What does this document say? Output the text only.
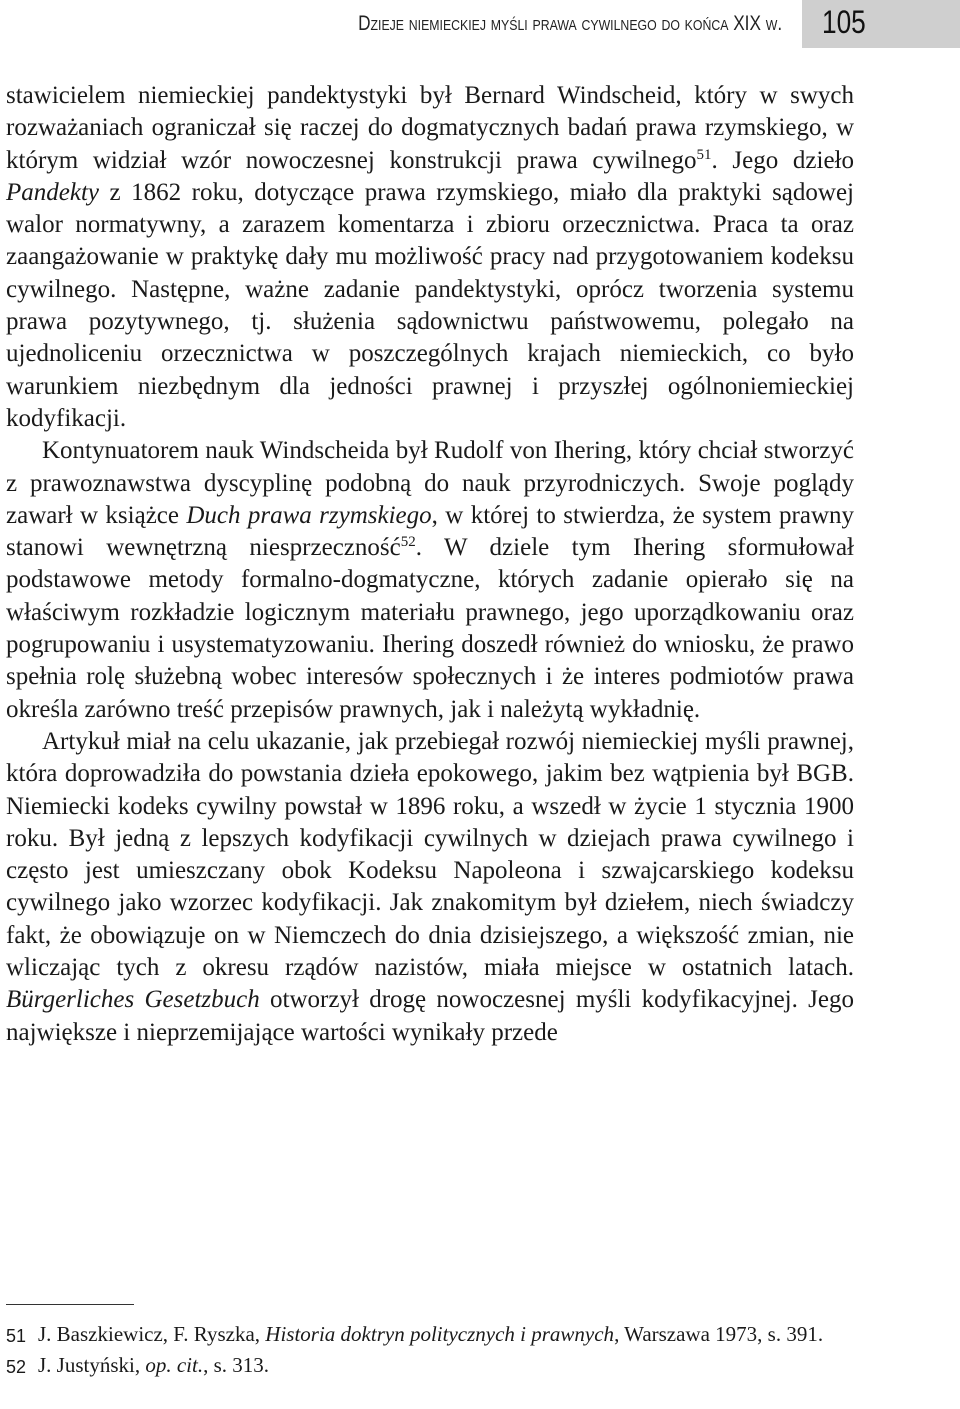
Dzieje niemieckiej myśli prawa cywilnego do końca XIX w. 105

stawicielem niemieckiej pandektystyki był Bernard Windscheid, który w swych rozważaniach ograniczał się raczej do dogmatycznych badań prawa rzymskiego, w którym widział wzór nowoczesnej konstrukcji prawa cywilnego$^{51}$. Jego dzieło Pandekty z 1862 roku, dotyczące prawa rzymskiego, miało dla praktyki sądowej walor normatywny, a zarazem komentarza i zbioru orzecznictwa. Praca ta oraz zaangażowanie w praktykę dały mu możliwość pracy nad przygotowaniem kodeksu cywilnego. Następne, ważne zadanie pandektystyki, oprócz tworzenia systemu prawa pozytywnego, tj. służenia sądownictwu państwowemu, polegało na ujednoliceniu orzecznictwa w poszczególnych krajach niemieckich, co było warunkiem niezbędnym dla jedności prawnej i przyszłej ogólnoniemieckiej kodyfikacji.

Kontynuatorem nauk Windscheida był Rudolf von Ihering, który chciał stworzyć z prawoznawstwa dyscyplinę podobną do nauk przyrodniczych. Swoje poglądy zawarł w książce Duch prawa rzymskiego, w której to stwierdza, że system prawny stanowi wewnętrzną niesprzeczność$^{52}$. W dziele tym Ihering sformułował podstawowe metody formalno-dogmatyczne, których zadanie opierało się na właściwym rozkładzie logicznym materiału prawnego, jego uporządkowaniu oraz pogrupowaniu i usystematyzowaniu. Ihering doszedł również do wniosku, że prawo spełnia rolę służebną wobec interesów społecznych i że interes podmiotów prawa określa zarówno treść przepisów prawnych, jak i należytą wykładnię.

Artykuł miał na celu ukazanie, jak przebiegał rozwój niemieckiej myśli prawnej, która doprowadziła do powstania dzieła epokowego, jakim bez wątpienia był BGB. Niemiecki kodeks cywilny powstał w 1896 roku, a wszedł w życie 1 stycznia 1900 roku. Był jedną z lepszych kodyfikacji cywilnych w dziejach prawa cywilnego i często jest umieszczany obok Kodeksu Napoleona i szwajcarskiego kodeksu cywilnego jako wzorzec kodyfikacji. Jak znakomitym był dziełem, niech świadczy fakt, że obowiązuje on w Niemczech do dnia dzisiejszego, a większość zmian, nie wliczając tych z okresu rządów nazistów, miała miejsce w ostatnich latach. Bürgerliches Gesetzbuch otworzył drogę nowoczesnej myśli kodyfikacyjnej. Jego największe i nieprzemijające wartości wynikały przede

51 J. Baszkiewicz, F. Ryszka, Historia doktryn politycznych i prawnych, Warszawa 1973, s. 391.
52 J. Justyński, op. cit., s. 313.
